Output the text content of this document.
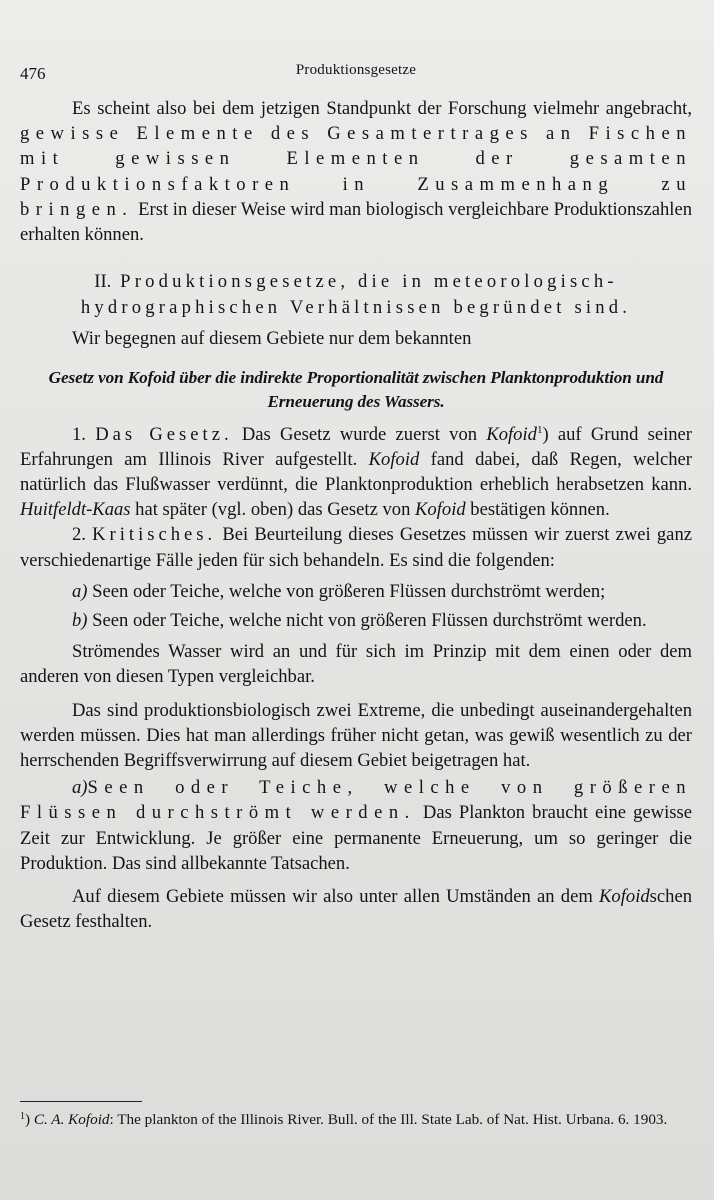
476	Produktionsgesetze

Es scheint also bei dem jetzigen Standpunkt der Forschung vielmehr angebracht, gewisse Elemente des Gesamtertrages an Fischen mit gewissen Elementen der gesamten Produktionsfaktoren in Zusammenhang zu bringen. Erst in dieser Weise wird man biologisch vergleichbare Produktionszahlen erhalten können.

II. Produktionsgesetze, die in meteorologisch-hydrographischen Verhältnissen begründet sind.

Wir begegnen auf diesem Gebiete nur dem bekannten

Gesetz von Kofoid über die indirekte Proportionalität zwischen Planktonproduktion und Erneuerung des Wassers.

1. Das Gesetz. Das Gesetz wurde zuerst von Kofoid$^1$) auf Grund seiner Erfahrungen am Illinois River aufgestellt. Kofoid fand dabei, daß Regen, welcher natürlich das Flußwasser verdünnt, die Planktonproduktion erheblich herabsetzen kann. Huitfeldt-Kaas hat später (vgl. oben) das Gesetz von Kofoid bestätigen können.

2. Kritisches. Bei Beurteilung dieses Gesetzes müssen wir zuerst zwei ganz verschiedenartige Fälle jeden für sich behandeln. Es sind die folgenden:

a) Seen oder Teiche, welche von größeren Flüssen durchströmt werden;

b) Seen oder Teiche, welche nicht von größeren Flüssen durchströmt werden.

Strömendes Wasser wird an und für sich im Prinzip mit dem einen oder dem anderen von diesen Typen vergleichbar.

Das sind produktionsbiologisch zwei Extreme, die unbedingt auseinandergehalten werden müssen. Dies hat man allerdings früher nicht getan, was gewiß wesentlich zu der herrschenden Begriffsverwirrung auf diesem Gebiet beigetragen hat.

a)Seen oder Teiche, welche von größeren Flüssen durchströmt werden. Das Plankton braucht eine gewisse Zeit zur Entwicklung. Je größer eine permanente Erneuerung, um so geringer die Produktion. Das sind allbekannte Tatsachen.

Auf diesem Gebiete müssen wir also unter allen Umständen an dem Kofoidschen Gesetz festhalten.

$^1$) C. A. Kofoid: The plankton of the Illinois River. Bull. of the Ill. State Lab. of Nat. Hist. Urbana. 6. 1903.
